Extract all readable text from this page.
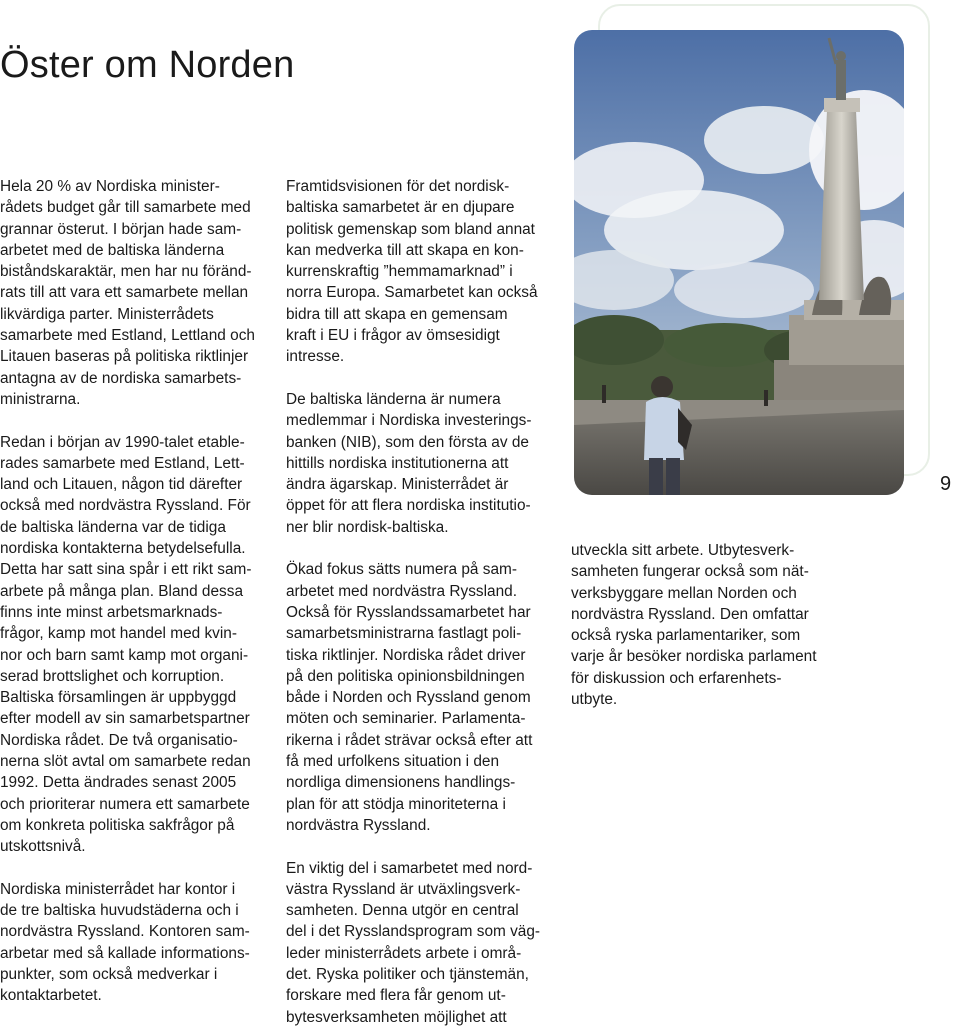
Öster om Norden

Hela 20 % av Nordiska minister-
rådets budget går till samarbete med
grannar österut. I början hade sam-
arbetet med de baltiska länderna
biståndskaraktär, men har nu föränd-
rats till att vara ett samarbete mellan
likvärdiga parter. Ministerrådets
samarbete med Estland, Lettland och
Litauen baseras på politiska riktlinjer
antagna av de nordiska samarbets-
ministrarna.

Redan i början av 1990-talet etable-
rades samarbete med Estland, Lett-
land och Litauen, någon tid därefter
också med nordvästra Ryssland. För
de baltiska länderna var de tidiga
nordiska kontakterna betydelsefulla.
Detta har satt sina spår i ett rikt sam-
arbete på många plan. Bland dessa
finns inte minst arbetsmarknads-
frågor, kamp mot handel med kvin-
nor och barn samt kamp mot organi-
serad brottslighet och korruption.
Baltiska församlingen är uppbyggd
efter modell av sin samarbetspartner
Nordiska rådet. De två organisatio-
nerna slöt avtal om samarbete redan
1992. Detta ändrades senast 2005
och prioriterar numera ett samarbete
om konkreta politiska sakfrågor på
utskottsnivå.

Nordiska ministerrådet har kontor i
de tre baltiska huvudstäderna och i
nordvästra Ryssland. Kontoren sam-
arbetar med så kallade informations-
punkter, som också medverkar i
kontaktarbetet.

Framtidsvisionen för det nordisk-
baltiska samarbetet är en djupare
politisk gemenskap som bland annat
kan medverka till att skapa en kon-
kurrenskraftig ”hemmamarknad” i
norra Europa. Samarbetet kan också
bidra till att skapa en gemensam
kraft i EU i frågor av ömsesidigt
intresse.

De baltiska länderna är numera
medlemmar i Nordiska investerings-
banken (NIB), som den första av de
hittills nordiska institutionerna att
ändra ägarskap. Ministerrådet är
öppet för att flera nordiska institutio-
ner blir nordisk-baltiska.

Ökad fokus sätts numera på sam-
arbetet med nordvästra Ryssland.
Också för Rysslandssamarbetet har
samarbetsministrarna fastlagt poli-
tiska riktlinjer. Nordiska rådet driver
på den politiska opinionsbildningen
både i Norden och Ryssland genom
möten och seminarier. Parlamenta-
rikerna i rådet strävar också efter att
få med urfolkens situation i den
nordliga dimensionens handlings-
plan för att stödja minoriteterna i
nordvästra Ryssland.

En viktig del i samarbetet med nord-
västra Ryssland är utväxlingsverk-
samheten. Denna utgör en central
del i det Rysslandsprogram som väg-
leder ministerrådets arbete i områ-
det. Ryska politiker och tjänstemän,
forskare med flera får genom ut-
bytesverksamheten möjlighet att

utveckla sitt arbete. Utbytesverk-
samheten fungerar också som nät-
verksbyggare mellan Norden och
nordvästra Ryssland. Den omfattar
också ryska parlamentariker, som
varje år besöker nordiska parlament
för diskussion och erfarenhets-
utbyte.

9
